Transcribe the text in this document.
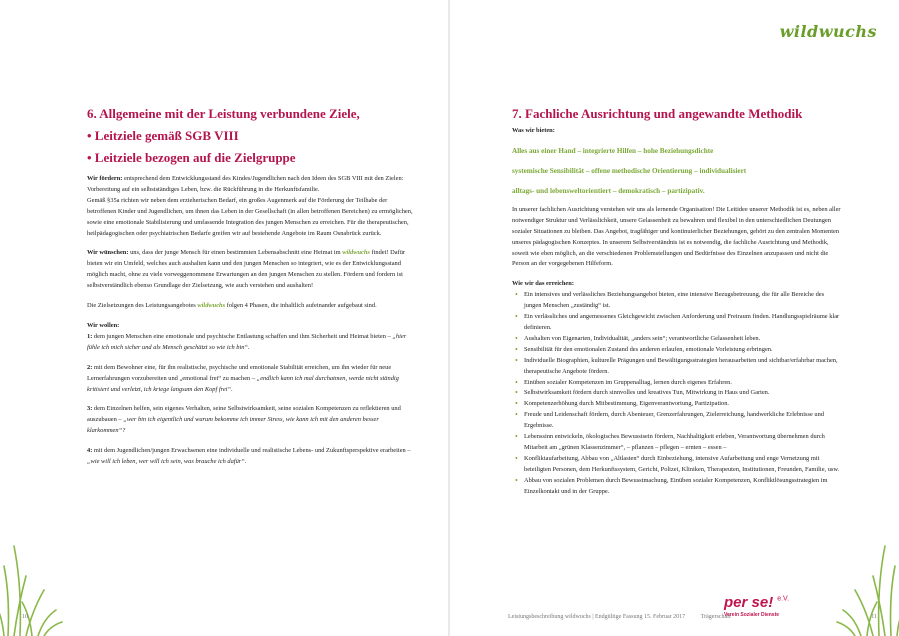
6. Allgemeine mit der Leistung verbundene Ziele,
• Leitziele gemäß SGB VIII
• Leitziele bezogen auf die Zielgruppe

Wir fördern: entsprechend dem Entwicklungsstand des Kindes/Jugendlichen nach den Ideen des SGB VIII mit den Zielen: Vorbereitung auf ein selbstständiges Leben, bzw. die Rückführung in die Herkunftsfamilie.

Gemäß §35a richten wir neben dem erzieherischen Bedarf, ein großes Augenmerk auf die Förderung der Teilhabe der betroffenen Kinder und Jugendlichen, um ihnen das Leben in der Gesellschaft (in allen betroffenen Bereichen) zu ermöglichen, sowie eine emotionale Stabilisierung und umfassende Integration des jungen Menschen zu erreichen. Für die therapeutischen, heilpädagogischen oder psychiatrischen Bedarfe greifen wir auf bestehende Angebote im Raum Osnabrück zurück.

Wir wünschen: uns, dass der junge Mensch für einen bestimmten Lebensabschnitt eine Heimat im wildwuchs findet! Dafür bieten wir ein Umfeld, welches auch aushalten kann und den jungen Menschen so integriert, wie es der Entwicklungsstand möglich macht, ohne zu viele vorweggenommene Erwartungen an den jungen Menschen zu stellen. Fördern und fordern ist selbstverständlich ebenso Grundlage der Zielsetzung, wie auch verstehen und aushalten!

Die Zielsetzungen des Leistungsangebotes wildwuchs folgen 4 Phasen, die inhaltlich aufeinander aufgebaut sind.

Wir wollen:

1: dem jungen Menschen eine emotionale und psychische Entlastung schaffen und ihm Sicherheit und Heimat bieten – „hier fühle ich mich sicher und als Mensch geschätzt so wie ich bin“.

2: mit dem Bewohner eine, für ihn realistische, psychische und emotionale Stabilität erreichen, um ihn wieder für neue Lernerfahrungen vorzubereiten und „emotional frei“ zu machen – „endlich kann ich mal durchatmen, werde nicht ständig kritisiert und verletzt, ich kriege langsam den Kopf frei“.

3: dem Einzelnen helfen, sein eigenes Verhalten, seine Selbstwirksamkeit, seine sozialen Kompetenzen zu reflektieren und auszubauen – „wer bin ich eigentlich und warum bekomme ich immer Stress, wie kann ich mit den anderen besser klarkommen“?

4: mit dem Jugendlichen/jungen Erwachsenen eine individuelle und realistische Lebens- und Zukunftsperspektive erarbeiten – „wie will ich leben, wer will ich sein, was brauche ich dafür“.

10
wildwuchs
7. Fachliche Ausrichtung und angewandte Methodik

Was wir bieten:

Alles aus einer Hand – integrierte Hilfen – hohe Beziehungsdichte
systemische Sensibilität – offene methodische Orientierung – individualisiert
alltags- und lebensweltorientiert – demokratisch – partizipativ.

In unserer fachlichen Ausrichtung verstehen wir uns als lernende Organisation! Die Leitidee unserer Methodik ist es, neben aller notwendiger Struktur und Verlässlichkeit, unsere Gelassenheit zu bewahren und flexibel in den unterschiedlichen Deutungen sozialer Situationen zu bleiben. Das Angebot, tragfähiger und kontinuierlicher Beziehungen, gehört zu den zentralen Momenten unseres pädagogischen Konzeptes. In unserem Selbstverständnis ist es notwendig, die fachliche Ausrichtung und Methodik, soweit wie eben möglich, an die verschiedenen Problemstellungen und Bedürfnisse des Einzelnen anzupassen und nicht die Person an der vorgegebenen Hilfeform.

Wie wir das erreichen:

• Ein intensives und verlässliches Beziehungsangebot bieten, eine intensive Bezugsbetreuung, die für alle Bereiche des jungen Menschen „zuständig“ ist.
• Ein verlässliches und angemessenes Gleichgewicht zwischen Anforderung und Freiraum finden. Handlungsspielräume klar definieren.
• Aushalten von Eigenarten, Individualität, „anders sein“; verantwortliche Gelassenheit leben.
• Sensibilität für den emotionalen Zustand des anderen erlaufen, emotionale Vorleistung erbringen.
• Individuelle Biographien, kulturelle Prägungen und Bewältigungsstrategien herausarbeiten und sichtbar/erfahrbar machen, therapeutische Angebote fördern.
• Einüben sozialer Kompetenzen im Gruppenalltag, lernen durch eigenes Erfahren.
• Selbstwirksamkeit fördern durch sinnvolles und kreatives Tun, Mitwirkung in Haus und Garten.
• Kompetenzerhöhung durch Mitbestimmung, Eigenverantwortung, Partizipation.
• Freude und Leidenschaft fördern, durch Abenteuer, Grenzerfahrungen, Zielerreichung, handwerkliche Erlebnisse und Ergebnisse.
• Lebenssinn entwickeln, ökologisches Bewusstsein fördern, Nachhaltigkeit erleben, Verantwortung übernehmen durch Mitarbeit am „grünen Klassenzimmer“, – pflanzen – pflegen – ernten – essen –
• Konfliktaufarbeitung, Abbau von „Altlasten“ durch Einbeziehung, intensive Aufarbeitung und enge Vernetzung mit beteiligten Personen, dem Herkunftssystem, Gericht, Polizei, Kliniken, Therapeuten, Institutionen, Freunden, Familie, usw.
• Abbau von sozialen Problemen durch Bewusstmachung, Einüben sozialer Kompetenzen, Konfliktlösungsstrategien im Einzelkontakt und in der Gruppe.
Leistungsbeschreibung wildwuchs | Endgültige Fassung 15. Februar 2017	Trägerschaft
per se! $^{e.V.}$
Verein Sozialer Dienste	11
